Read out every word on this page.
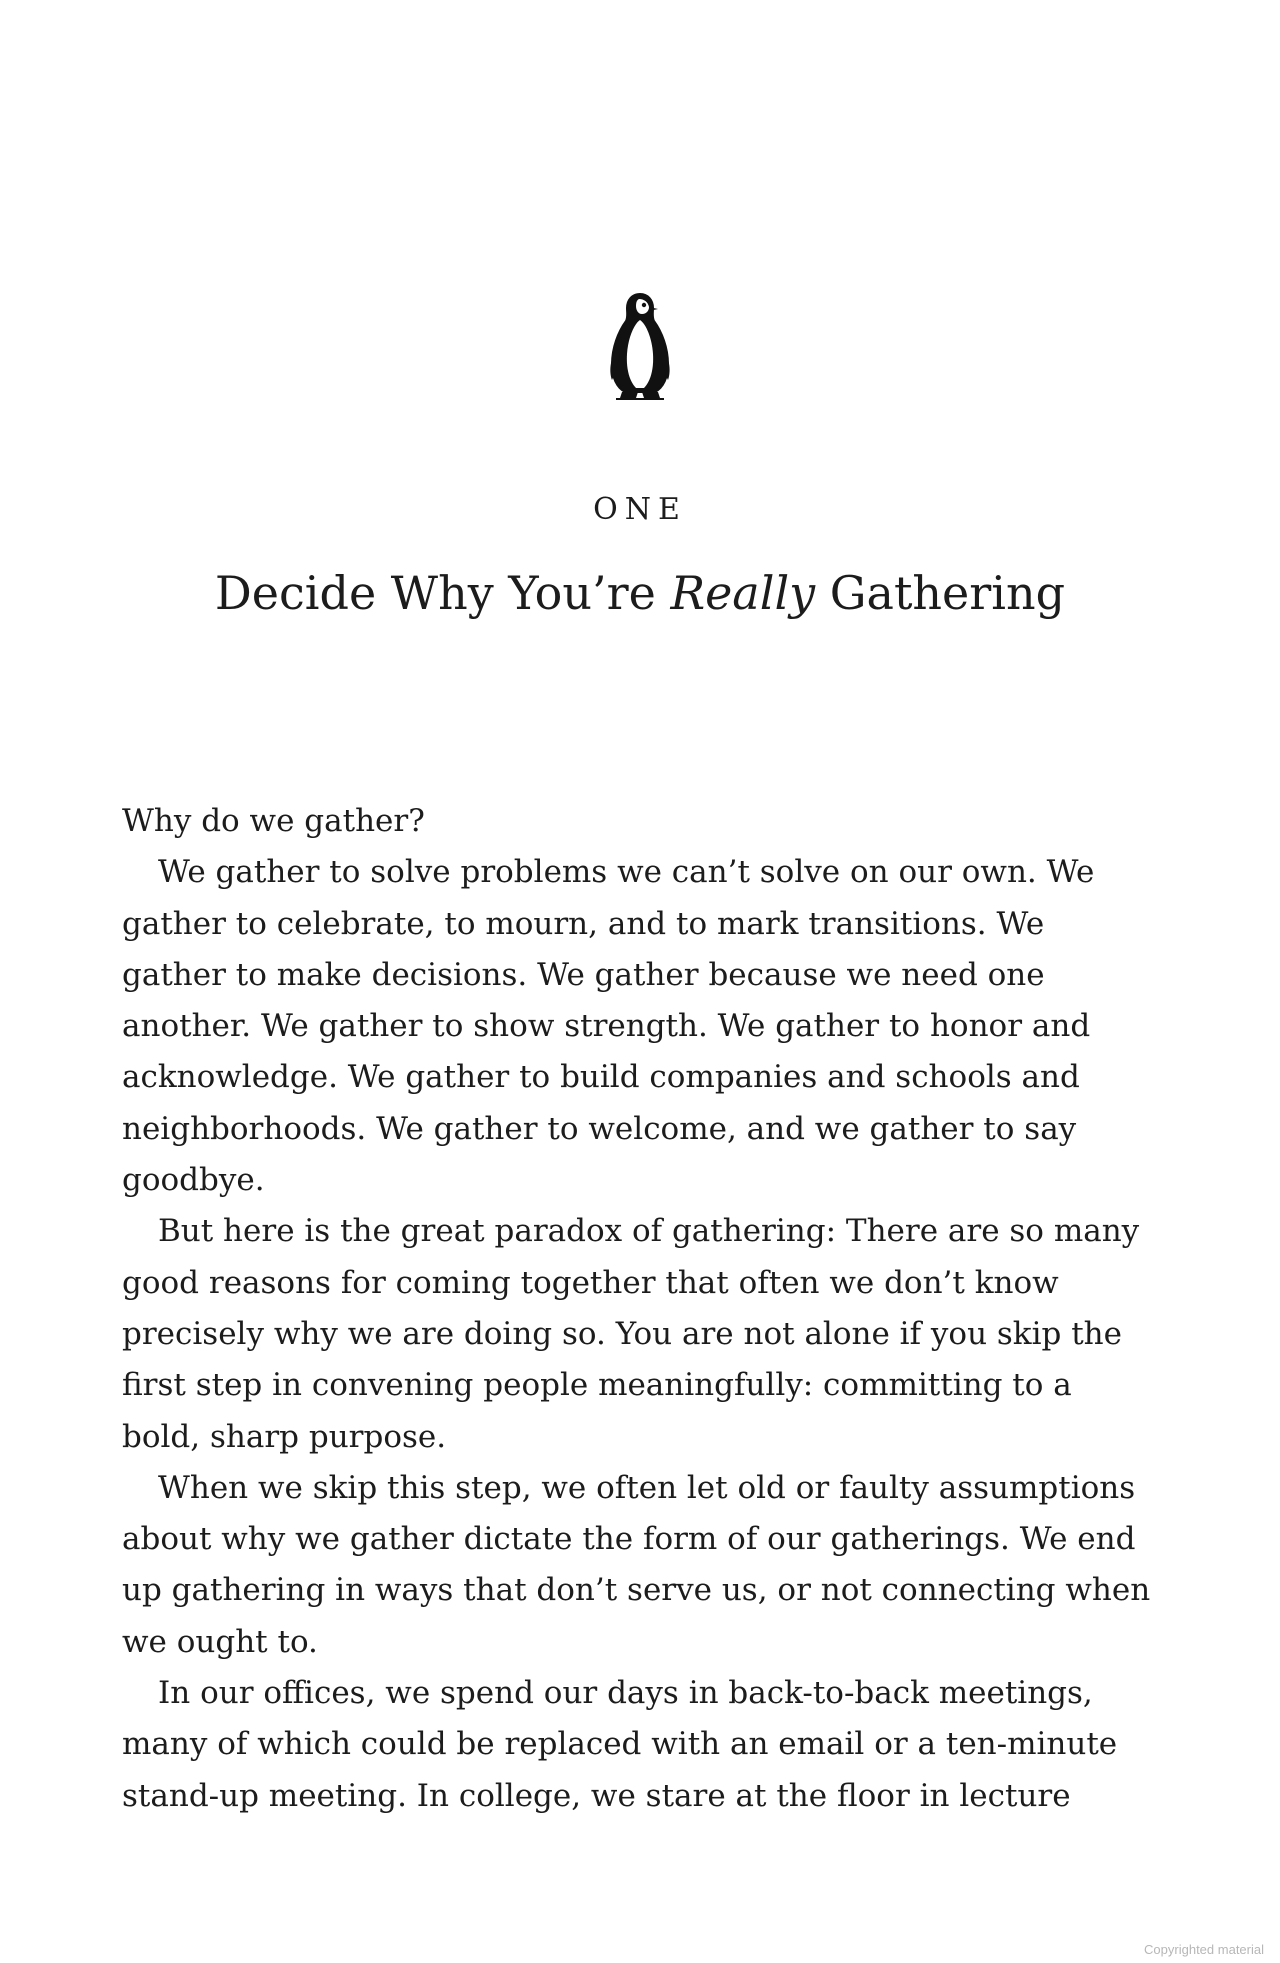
ONE
Decide Why You’re Really Gathering
Why do we gather?
We gather to solve problems we can’t solve on our own. We
gather to celebrate, to mourn, and to mark transitions. We
gather to make decisions. We gather because we need one
another. We gather to show strength. We gather to honor and
acknowledge. We gather to build companies and schools and
neighborhoods. We gather to welcome, and we gather to say
goodbye.
But here is the great paradox of gathering: There are so many
good reasons for coming together that often we don’t know
precisely why we are doing so. You are not alone if you skip the
first step in convening people meaningfully: committing to a
bold, sharp purpose.
When we skip this step, we often let old or faulty assumptions
about why we gather dictate the form of our gatherings. We end
up gathering in ways that don’t serve us, or not connecting when
we ought to.
In our offices, we spend our days in back-to-back meetings,
many of which could be replaced with an email or a ten-minute
stand-up meeting. In college, we stare at the floor in lecture
Copyrighted material
